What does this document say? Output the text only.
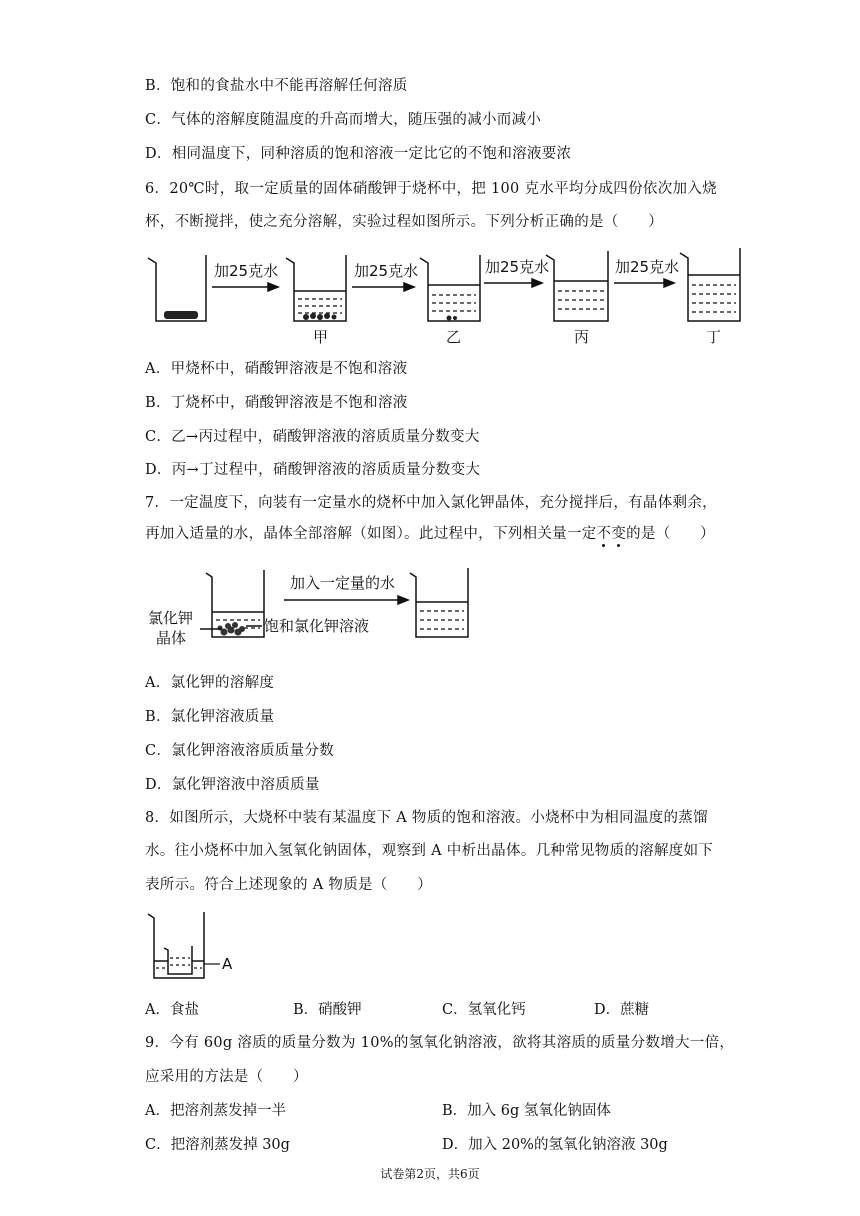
B．饱和的食盐水中不能再溶解任何溶质
C．气体的溶解度随温度的升高而增大，随压强的减小而减小
D．相同温度下，同种溶质的饱和溶液一定比它的不饱和溶液要浓
6．20℃时，取一定质量的固体硝酸钾于烧杯中，把 100 克水平均分成四份依次加入烧
杯，不断搅拌，使之充分溶解，实验过程如图所示。下列分析正确的是（　　）
加25克水	加25克水	加25克水	加25克水
甲	乙	丙	丁
A．甲烧杯中，硝酸钾溶液是不饱和溶液
B．丁烧杯中，硝酸钾溶液是不饱和溶液
C．乙→丙过程中，硝酸钾溶液的溶质质量分数变大
D．丙→丁过程中，硝酸钾溶液的溶质质量分数变大
7．一定温度下，向装有一定量水的烧杯中加入氯化钾晶体，充分搅拌后，有晶体剩余，
再加入适量的水，晶体全部溶解（如图）。此过程中，下列相关量一定不变
的是（　　）
加入一定量的水
氯化钾
晶体
饱和氯化钾溶液
A．氯化钾的溶解度
B．氯化钾溶液质量
C．氯化钾溶液溶质质量分数
D．氯化钾溶液中溶质质量
8．如图所示，大烧杯中装有某温度下 A 物质的饱和溶液。小烧杯中为相同温度的蒸馏
水。往小烧杯中加入氢氧化钠固体，观察到 A 中析出晶体。几种常见物质的溶解度如下
表所示。符合上述现象的 A 物质是（　　）
A
A．食盐	B．硝酸钾	C．氢氧化钙	D．蔗糖
9．今有 60g 溶质的质量分数为 10%的氢氧化钠溶液，欲将其溶质的质量分数增大一倍，
应采用的方法是（　　）
A．把溶剂蒸发掉一半	B．加入 6g 氢氧化钠固体
C．把溶剂蒸发掉 30g	D．加入 20%的氢氧化钠溶液 30g
试卷第2页，共6页
